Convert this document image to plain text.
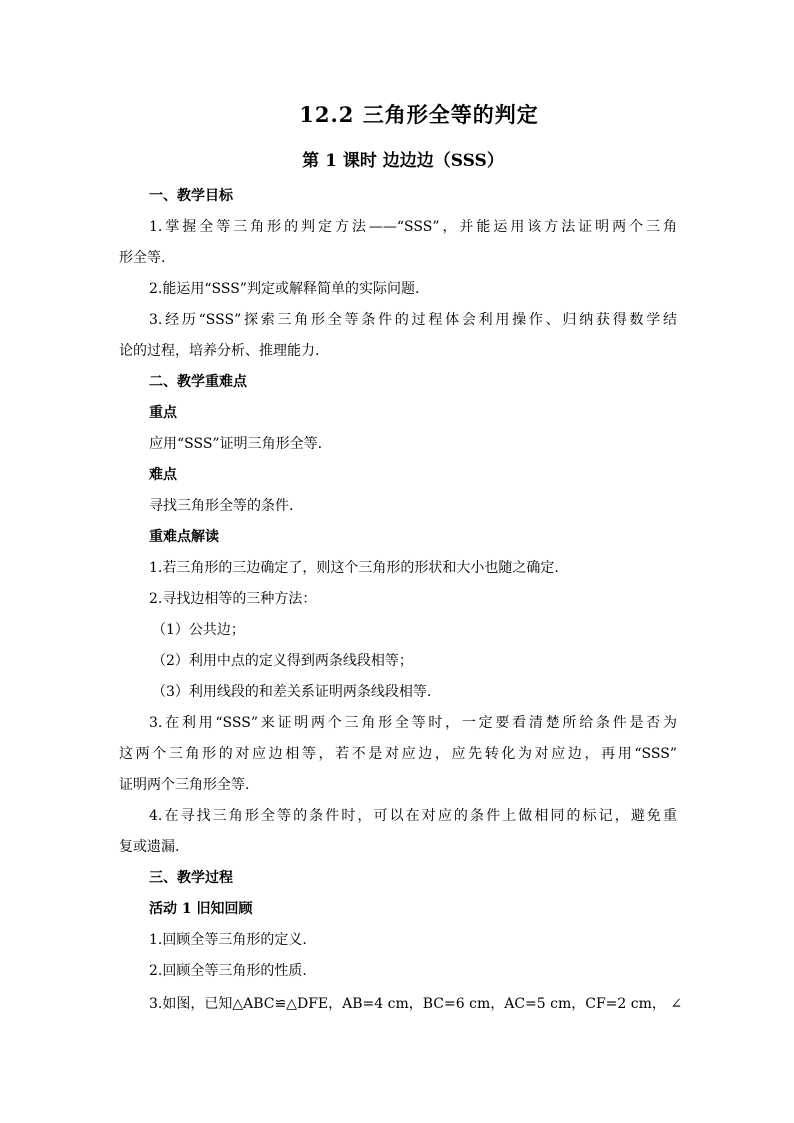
12.2 三角形全等的判定
第 1 课时 边边边（SSS）
一、教学目标
1.掌握全等三角形的判定方法——“SSS”，并能运用该方法证明两个三角
形全等.
2.能运用“SSS”判定或解释简单的实际问题.
3.经历“SSS”探索三角形全等条件的过程体会利用操作、归纳获得数学结
论的过程，培养分析、推理能力.
二、教学重难点
重点
应用“SSS”证明三角形全等.
难点
寻找三角形全等的条件.
重难点解读
1.若三角形的三边确定了，则这个三角形的形状和大小也随之确定.
2.寻找边相等的三种方法：
（1）公共边；
（2）利用中点的定义得到两条线段相等；
（3）利用线段的和差关系证明两条线段相等.
3.在利用“SSS”来证明两个三角形全等时，一定要看清楚所给条件是否为
这两个三角形的对应边相等，若不是对应边，应先转化为对应边，再用“SSS”
证明两个三角形全等.
4.在寻找三角形全等的条件时，可以在对应的条件上做相同的标记，避免重
复或遗漏.
三、教学过程
活动 1 旧知回顾
1.回顾全等三角形的定义.
2.回顾全等三角形的性质.
3.如图，已知△ABC≌△DFE，AB=4 cm，BC=6 cm，AC=5 cm，CF=2 cm， ∠
